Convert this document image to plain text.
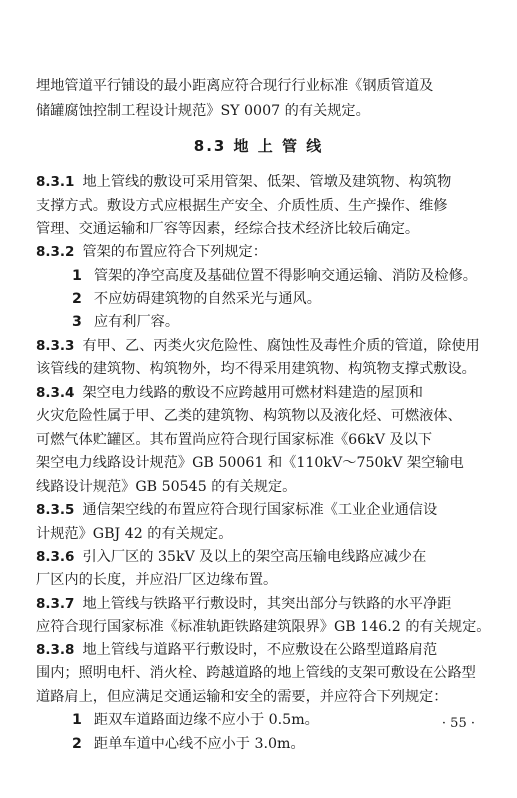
埋地管道平行铺设的最小距离应符合现行行业标准《钢质管道及
储罐腐蚀控制工程设计规范》SY 0007 的有关规定。
8.3 地 上 管 线
8.3.1 地上管线的敷设可采用管架、低架、管墩及建筑物、构筑物
支撑方式。敷设方式应根据生产安全、介质性质、生产操作、维修
管理、交通运输和厂容等因素，经综合技术经济比较后确定。
8.3.2 管架的布置应符合下列规定：
1 管架的净空高度及基础位置不得影响交通运输、消防及检修。
2 不应妨碍建筑物的自然采光与通风。
3 应有利厂容。
8.3.3 有甲、乙、丙类火灾危险性、腐蚀性及毒性介质的管道，除使用
该管线的建筑物、构筑物外，均不得采用建筑物、构筑物支撑式敷设。
8.3.4 架空电力线路的敷设不应跨越用可燃材料建造的屋顶和
火灾危险性属于甲、乙类的建筑物、构筑物以及液化烃、可燃液体、
可燃气体贮罐区。其布置尚应符合现行国家标准《66kV 及以下
架空电力线路设计规范》GB 50061 和《110kV～750kV 架空输电
线路设计规范》GB 50545 的有关规定。
8.3.5 通信架空线的布置应符合现行国家标准《工业企业通信设
计规范》GBJ 42 的有关规定。
8.3.6 引入厂区的 35kV 及以上的架空高压输电线路应减少在
厂区内的长度，并应沿厂区边缘布置。
8.3.7 地上管线与铁路平行敷设时，其突出部分与铁路的水平净距
应符合现行国家标准《标准轨距铁路建筑限界》GB 146.2 的有关规定。
8.3.8 地上管线与道路平行敷设时，不应敷设在公路型道路肩范
围内；照明电杆、消火栓、跨越道路的地上管线的支架可敷设在公路型
道路肩上，但应满足交通运输和安全的需要，并应符合下列规定：
1 距双车道路面边缘不应小于 0.5m。
2 距单车道中心线不应小于 3.0m。
· 55 ·
